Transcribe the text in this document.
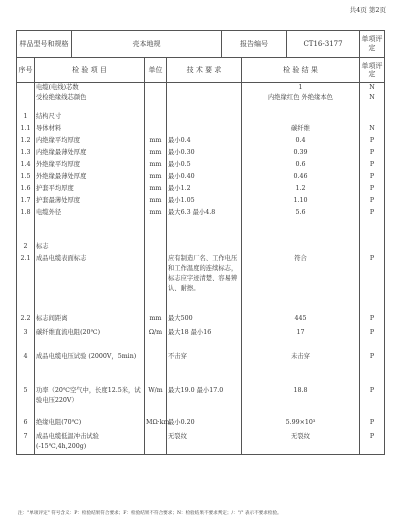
共4页 第2页
样品型号和规格	壳本地规	报告编号	CT16-3177	单项评定
序号	检 验 项 目	单位	技 术 要 求	检 验 结 果	单项评定
	电缆(电线)芯数			1	N
	受检绝缘线芯颜色			内绝缘红色 外绝缘本色	N
1	结构尺寸				
1.1	导体材料			碳纤维	N
1.2	内绝缘平均厚度	mm	最小0.4	0.4	P
1.3	内绝缘最薄处厚度	mm	最小0.30	0.39	P
1.4	外绝缘平均厚度	mm	最小0.5	0.6	P
1.5	外绝缘最薄处厚度	mm	最小0.40	0.46	P
1.6	护套平均厚度	mm	最小1.2	1.2	P
1.7	护套最薄处厚度	mm	最小1.05	1.10	P
1.8	电缆外径	mm	最大6.3 最小4.8	5.6	P
2	标志				
2.1	成品电缆表面标志		应有制造厂名、工作电压和工作温度的连续标志，标志应字迹清楚、容易辨认、耐擦。	符合	P
2.2	标志间距离	mm	最大500	445	P
3	碳纤维直流电阻(20℃)	Ω/m	最大18 最小16	17	P
4	成品电缆电压试验 (2000V，5min)		不击穿	未击穿	P
5	功率（20℃空气中，长度12.5米，试验电压220V）	W/m	最大19.0 最小17.0	18.8	P
6	绝缘电阻(70℃)	MΩ·km	最小0.20	5.99×10³	P
7	成品电缆低温冲击试验(-15℃,4h,200g)		无裂纹	无裂纹	P
注："单项评定" 符号含义：P：检验结果符合要求；F：检验结果不符合要求；N：检验结果不要求判定；/："/" 表示不要求检验。
